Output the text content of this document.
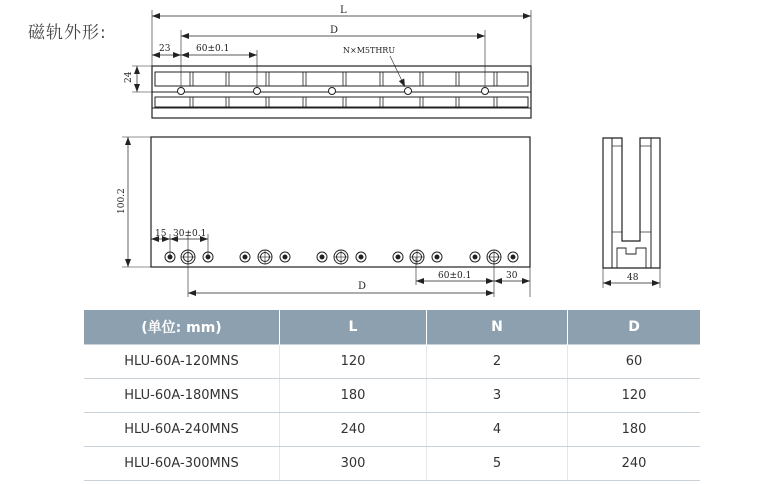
磁轨外形:
L
D
23	60±0.1	N×M5THRU
24
100.2
15 30±0.1
60±0.1	30
D
48
(单位: mm)	L	N	D
HLU-60A-120MNS	120	2	60
HLU-60A-180MNS	180	3	120
HLU-60A-240MNS	240	4	180
HLU-60A-300MNS	300	5	240
